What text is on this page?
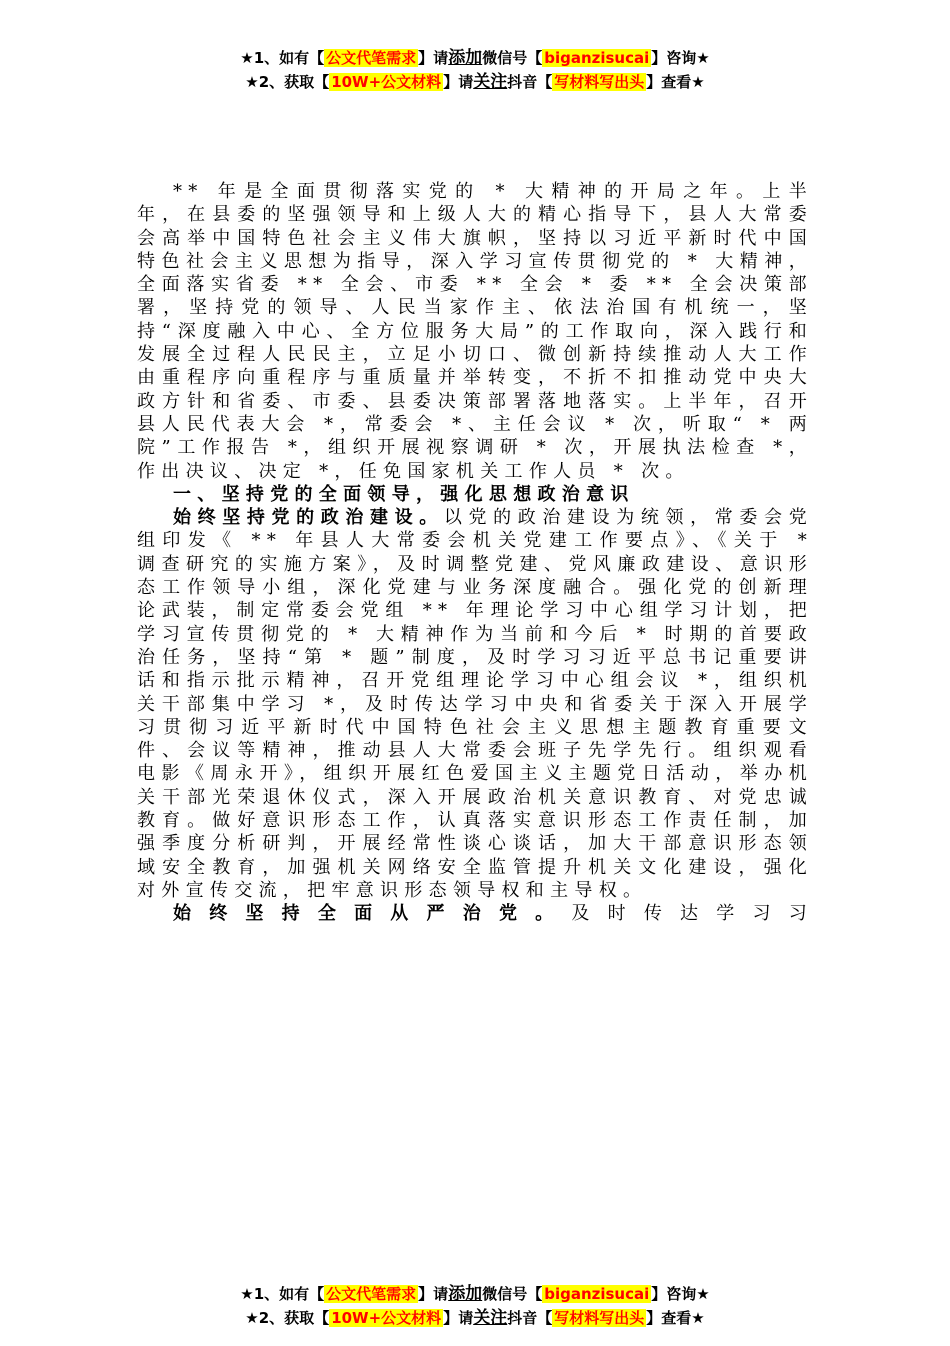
★1、如有【 公文代笔需求 】请添加微信号【 biganzisucai 】咨询★
★2、获取【 10W+公文材料 】请关注抖音【 写材料写出头 】查看★

** 年是全面贯彻落实党的 * 大精神的开局之年。上半年，在县委的坚强领导和上级人大的精心指导下，县人大常委会高举中国特色社会主义伟大旗帜，坚持以习近平新时代中国特色社会主义思想为指导，深入学习宣传贯彻党的 * 大精神，全面落实省委 ** 全会、市委 ** 全会 * 委 ** 全会决策部署，坚持党的领导、人民当家作主、依法治国有机统一，坚持“深度融入中心、全方位服务大局”的工作取向，深入践行和发展全过程人民民主，立足小切口、微创新持续推动人大工作由重程序向重程序与重质量并举转变，不折不扣推动党中央大政方针和省委、市委、县委决策部署落地落实。上半年，召开县人民代表大会 *，常委会 *、主任会议 * 次，听取“ * 两院”工作报告 *，组织开展视察调研 * 次，开展执法检查 *，作出决议、决定 *，任免国家机关工作人员 * 次。

一、坚持党的全面领导，强化思想政治意识

始终坚持党的政治建设。以党的政治建设为统领，常委会党组印发《 ** 年县人大常委会机关党建工作要点》、《关于 * 调查研究的实施方案》，及时调整党建、党风廉政建设、意识形态工作领导小组，深化党建与业务深度融合。强化党的创新理论武装，制定常委会党组 ** 年理论学习中心组学习计划，把学习宣传贯彻党的 * 大精神作为当前和今后 * 时期的首要政治任务，坚持“第 * 题”制度，及时学习习近平总书记重要讲话和指示批示精神，召开党组理论学习中心组会议 *，组织机关干部集中学习 *，及时传达学习中央和省委关于深入开展学习贯彻习近平新时代中国特色社会主义思想主题教育重要文件、会议等精神，推动县人大常委会班子先学先行。组织观看电影《周永开》，组织开展红色爱国主义主题党日活动，举办机关干部光荣退休仪式，深入开展政治机关意识教育、对党忠诚教育。做好意识形态工作，认真落实意识形态工作责任制，加强季度分析研判，开展经常性谈心谈话，加大干部意识形态领域安全教育，加强机关网络安全监管提升机关文化建设，强化对外宣传交流，把牢意识形态领导权和主导权。

始终坚持全面从严治党。及时传达学习习

★1、如有【 公文代笔需求 】请添加微信号【 biganzisucai 】咨询★
★2、获取【 10W+公文材料 】请关注抖音【 写材料写出头 】查看★
